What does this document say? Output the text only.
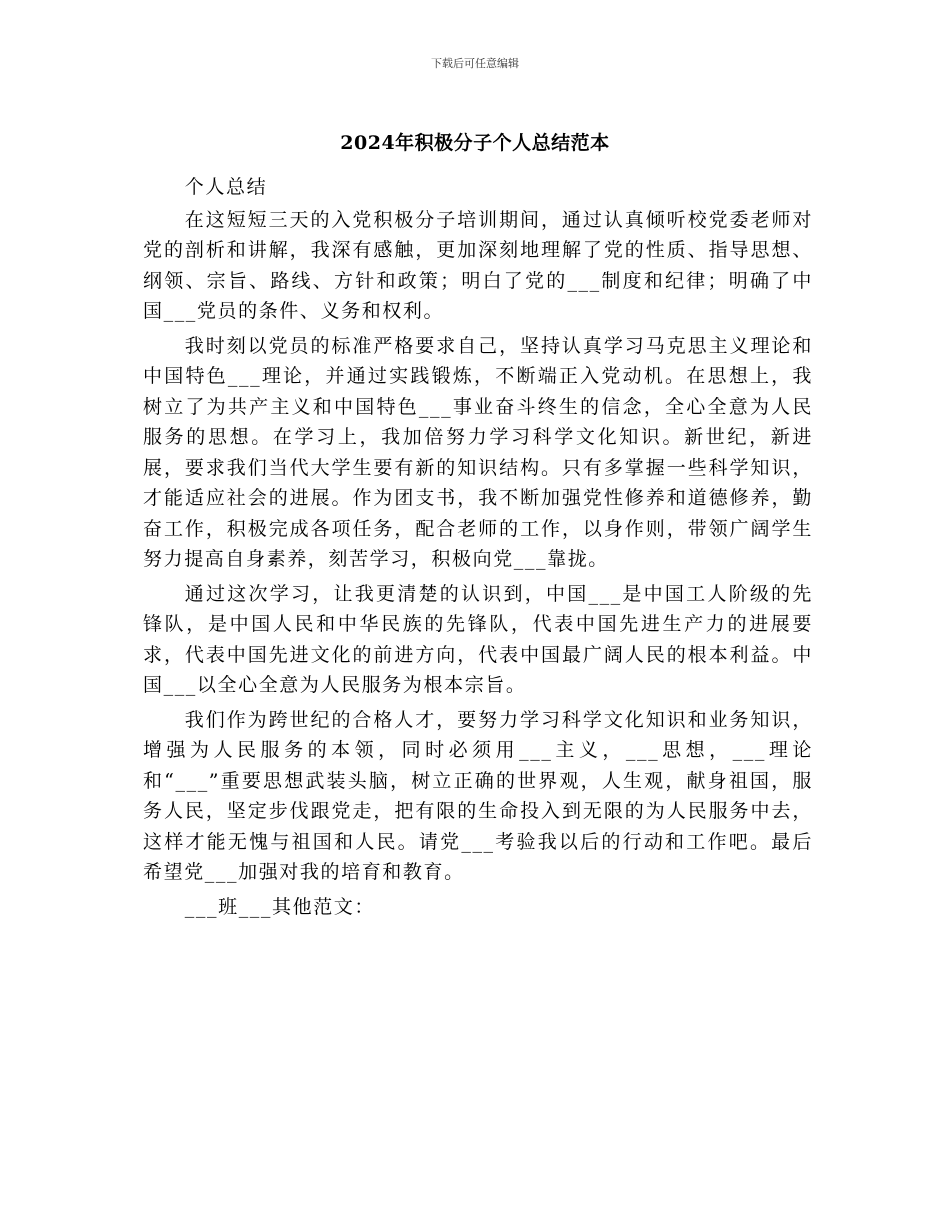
下载后可任意编辑
2024年积极分子个人总结范本

个人总结

在这短短三天的入党积极分子培训期间，通过认真倾听校党委老师对党的剖析和讲解，我深有感触，更加深刻地理解了党的性质、指导思想、纲领、宗旨、路线、方针和政策；明白了党的___制度和纪律；明确了中国___党员的条件、义务和权利。

我时刻以党员的标准严格要求自己，坚持认真学习马克思主义理论和中国特色___理论，并通过实践锻炼，不断端正入党动机。在思想上，我树立了为共产主义和中国特色___事业奋斗终生的信念，全心全意为人民服务的思想。在学习上，我加倍努力学习科学文化知识。新世纪，新进展，要求我们当代大学生要有新的知识结构。只有多掌握一些科学知识，才能适应社会的进展。作为团支书，我不断加强党性修养和道德修养，勤奋工作，积极完成各项任务，配合老师的工作，以身作则，带领广阔学生努力提高自身素养，刻苦学习，积极向党___靠拢。

通过这次学习，让我更清楚的认识到，中国___是中国工人阶级的先锋队，是中国人民和中华民族的先锋队，代表中国先进生产力的进展要求，代表中国先进文化的前进方向，代表中国最广阔人民的根本利益。中国___以全心全意为人民服务为根本宗旨。

我们作为跨世纪的合格人才，要努力学习科学文化知识和业务知识，增强为人民服务的本领，同时必须用___主义，___思想，___理论和“___”重要思想武装头脑，树立正确的世界观，人生观，献身祖国，服务人民，坚定步伐跟党走，把有限的生命投入到无限的为人民服务中去，这样才能无愧与祖国和人民。请党___考验我以后的行动和工作吧。最后希望党___加强对我的培育和教育。

___班___其他范文：
